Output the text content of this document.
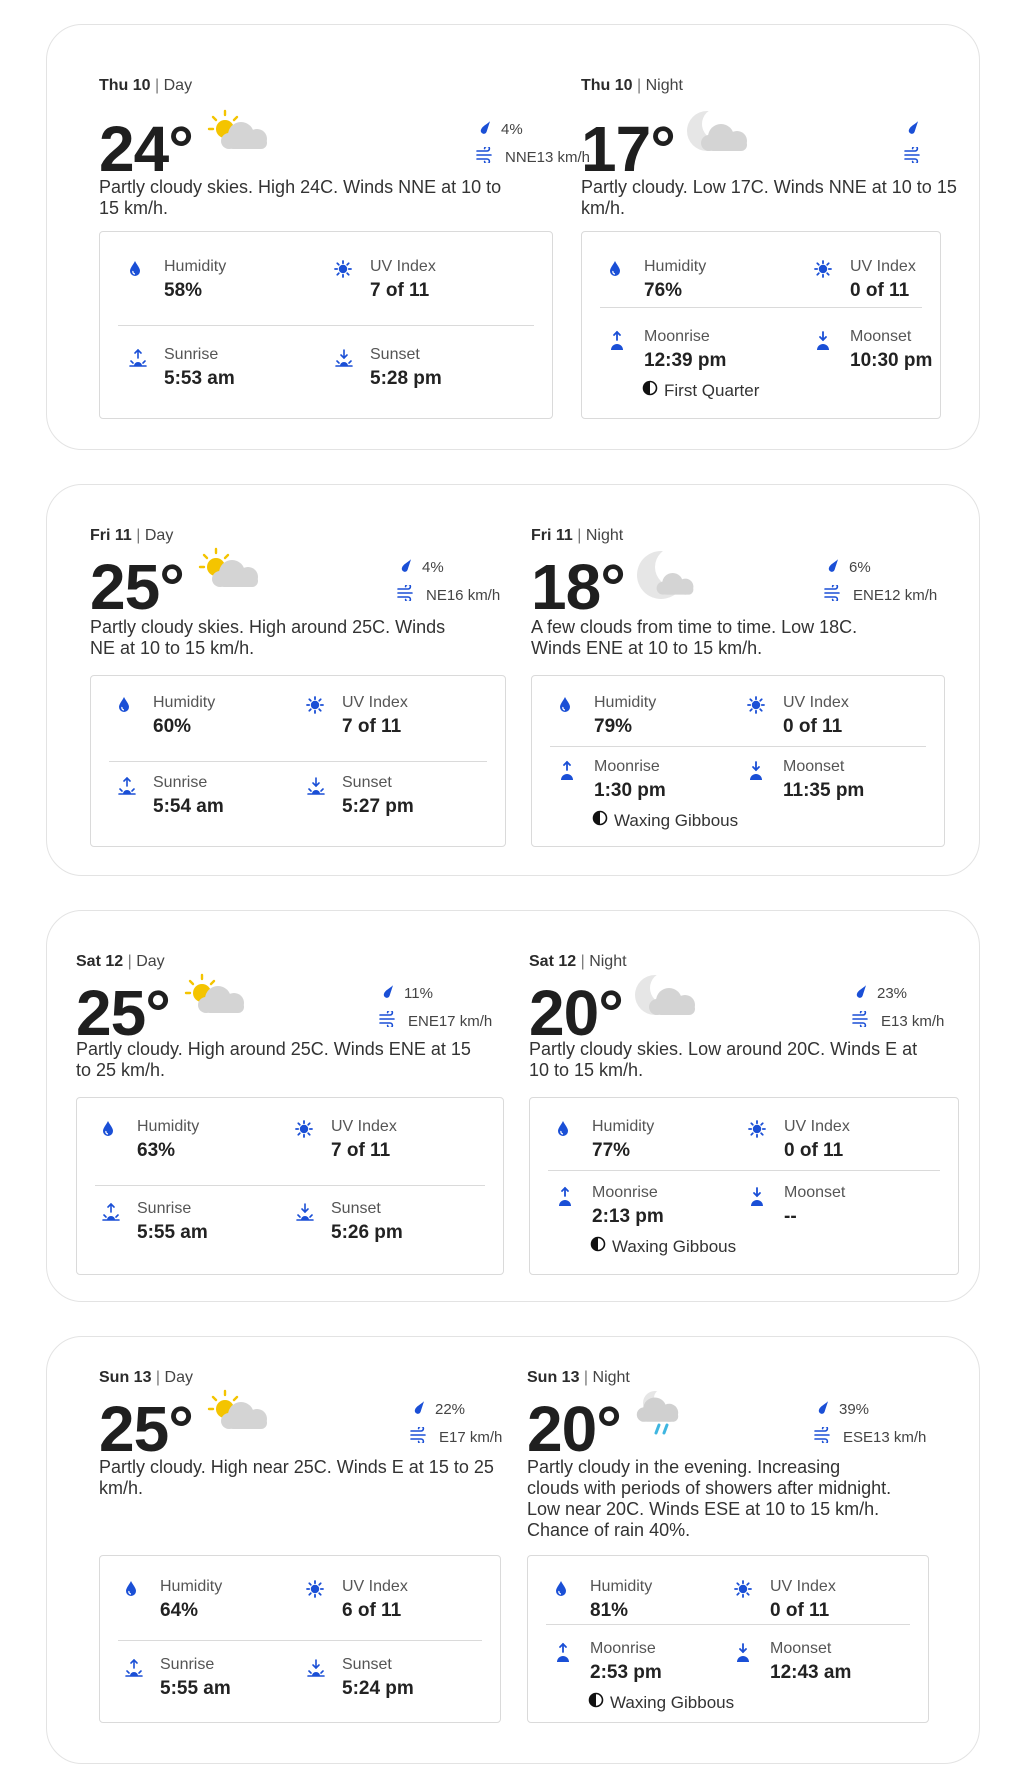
Thu 10 | Day
24°	4%
NNE13 km/h
Partly cloudy skies. High 24C. Winds NNE at 10 to 15 km/h.
Humidity
58%
UV Index
7 of 11
Sunrise
5:53 am
Sunset
5:28 pm
Thu 10 | Night
17°
Partly cloudy. Low 17C. Winds NNE at 10 to 15 km/h.
Humidity
76%
UV Index
0 of 11
Moonrise
12:39 pm
Moonset
10:30 pm
First Quarter
Fri 11 | Day
25°	4%
NE16 km/h
Partly cloudy skies. High around 25C. Winds NE at 10 to 15 km/h.
Humidity
60%
UV Index
7 of 11
Sunrise
5:54 am
Sunset
5:27 pm
Fri 11 | Night
18°	6%
ENE12 km/h
A few clouds from time to time. Low 18C. Winds ENE at 10 to 15 km/h.
Humidity
79%
UV Index
0 of 11
Moonrise
1:30 pm
Moonset
11:35 pm
Waxing Gibbous
Sat 12 | Day
25°	11%
ENE17 km/h
Partly cloudy. High around 25C. Winds ENE at 15 to 25 km/h.
Humidity
63%
UV Index
7 of 11
Sunrise
5:55 am
Sunset
5:26 pm
Sat 12 | Night
20°	23%
E13 km/h
Partly cloudy skies. Low around 20C. Winds E at 10 to 15 km/h.
Humidity
77%
UV Index
0 of 11
Moonrise
2:13 pm
Moonset
--
Waxing Gibbous
Sun 13 | Day
25°	22%
E17 km/h
Partly cloudy. High near 25C. Winds E at 15 to 25 km/h.
Humidity
64%
UV Index
6 of 11
Sunrise
5:55 am
Sunset
5:24 pm
Sun 13 | Night
20°	39%
ESE13 km/h
Partly cloudy in the evening. Increasing clouds with periods of showers after midnight. Low near 20C. Winds ESE at 10 to 15 km/h. Chance of rain 40%.
Humidity
81%
UV Index
0 of 11
Moonrise
2:53 pm
Moonset
12:43 am
Waxing Gibbous
